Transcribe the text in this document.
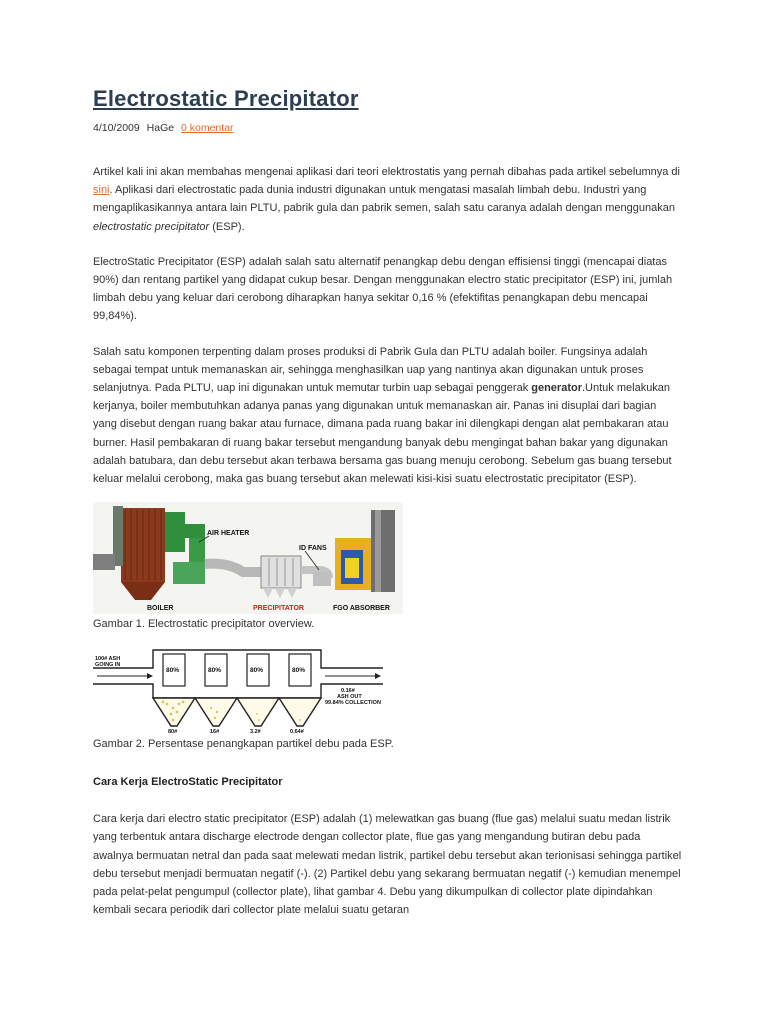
Electrostatic Precipitator
4/10/2009 HaGe 0 komentar

Artikel kali ini akan membahas mengenai aplikasi dari teori elektrostatis yang pernah dibahas pada artikel sebelumnya di sini. Aplikasi dari electrostatic pada dunia industri digunakan untuk mengatasi masalah limbah debu. Industri yang mengaplikasikannya antara lain PLTU, pabrik gula dan pabrik semen, salah satu caranya adalah dengan menggunakan electrostatic precipitator (ESP).

ElectroStatic Precipitator (ESP) adalah salah satu alternatif penangkap debu dengan effisiensi tinggi (mencapai diatas 90%) dan rentang partikel yang didapat cukup besar. Dengan menggunakan electro static precipitator (ESP) ini, jumlah limbah debu yang keluar dari cerobong diharapkan hanya sekitar 0,16 % (efektifitas penangkapan debu mencapai 99,84%).

Salah satu komponen terpenting dalam proses produksi di Pabrik Gula dan PLTU adalah boiler. Fungsinya adalah sebagai tempat untuk memanaskan air, sehingga menghasilkan uap yang nantinya akan digunakan untuk proses selanjutnya. Pada PLTU, uap ini digunakan untuk memutar turbin uap sebagai penggerak generator.Untuk melakukan kerjanya, boiler membutuhkan adanya panas yang digunakan untuk memanaskan air. Panas ini disuplai dari bagian yang disebut dengan ruang bakar atau furnace, dimana pada ruang bakar ini dilengkapi dengan alat pembakaran atau burner. Hasil pembakaran di ruang bakar tersebut mengandung banyak debu mengingat bahan bakar yang digunakan adalah batubara, dan debu tersebut akan terbawa bersama gas buang menuju cerobong. Sebelum gas buang tersebut keluar melalui cerobong, maka gas buang tersebut akan melewati kisi-kisi suatu electrostatic precipitator (ESP).

AIR HEATER
ID FANS
BOILER	PRECIPITATOR	FGO ABSORBER

Gambar 1. Electrostatic precipitator overview.

80%	80%	80%	80%
100# ASH
GOING IN
0.16#
ASH OUT
99.84% COLLECTION
80#	16#	3.2#	0.64#

Gambar 2. Persentase penangkapan partikel debu pada ESP.

Cara Kerja ElectroStatic Precipitator

Cara kerja dari electro static precipitator (ESP) adalah (1) melewatkan gas buang (flue gas) melalui suatu medan listrik yang terbentuk antara discharge electrode dengan collector plate, flue gas yang mengandung butiran debu pada awalnya bermuatan netral dan pada saat melewati medan listrik, partikel debu tersebut akan terionisasi sehingga partikel debu tersebut menjadi bermuatan negatif (-). (2) Partikel debu yang sekarang bermuatan negatif (-) kemudian menempel pada pelat-pelat pengumpul (collector plate), lihat gambar 4. Debu yang dikumpulkan di collector plate dipindahkan kembali secara periodik dari collector plate melalui suatu getaran
